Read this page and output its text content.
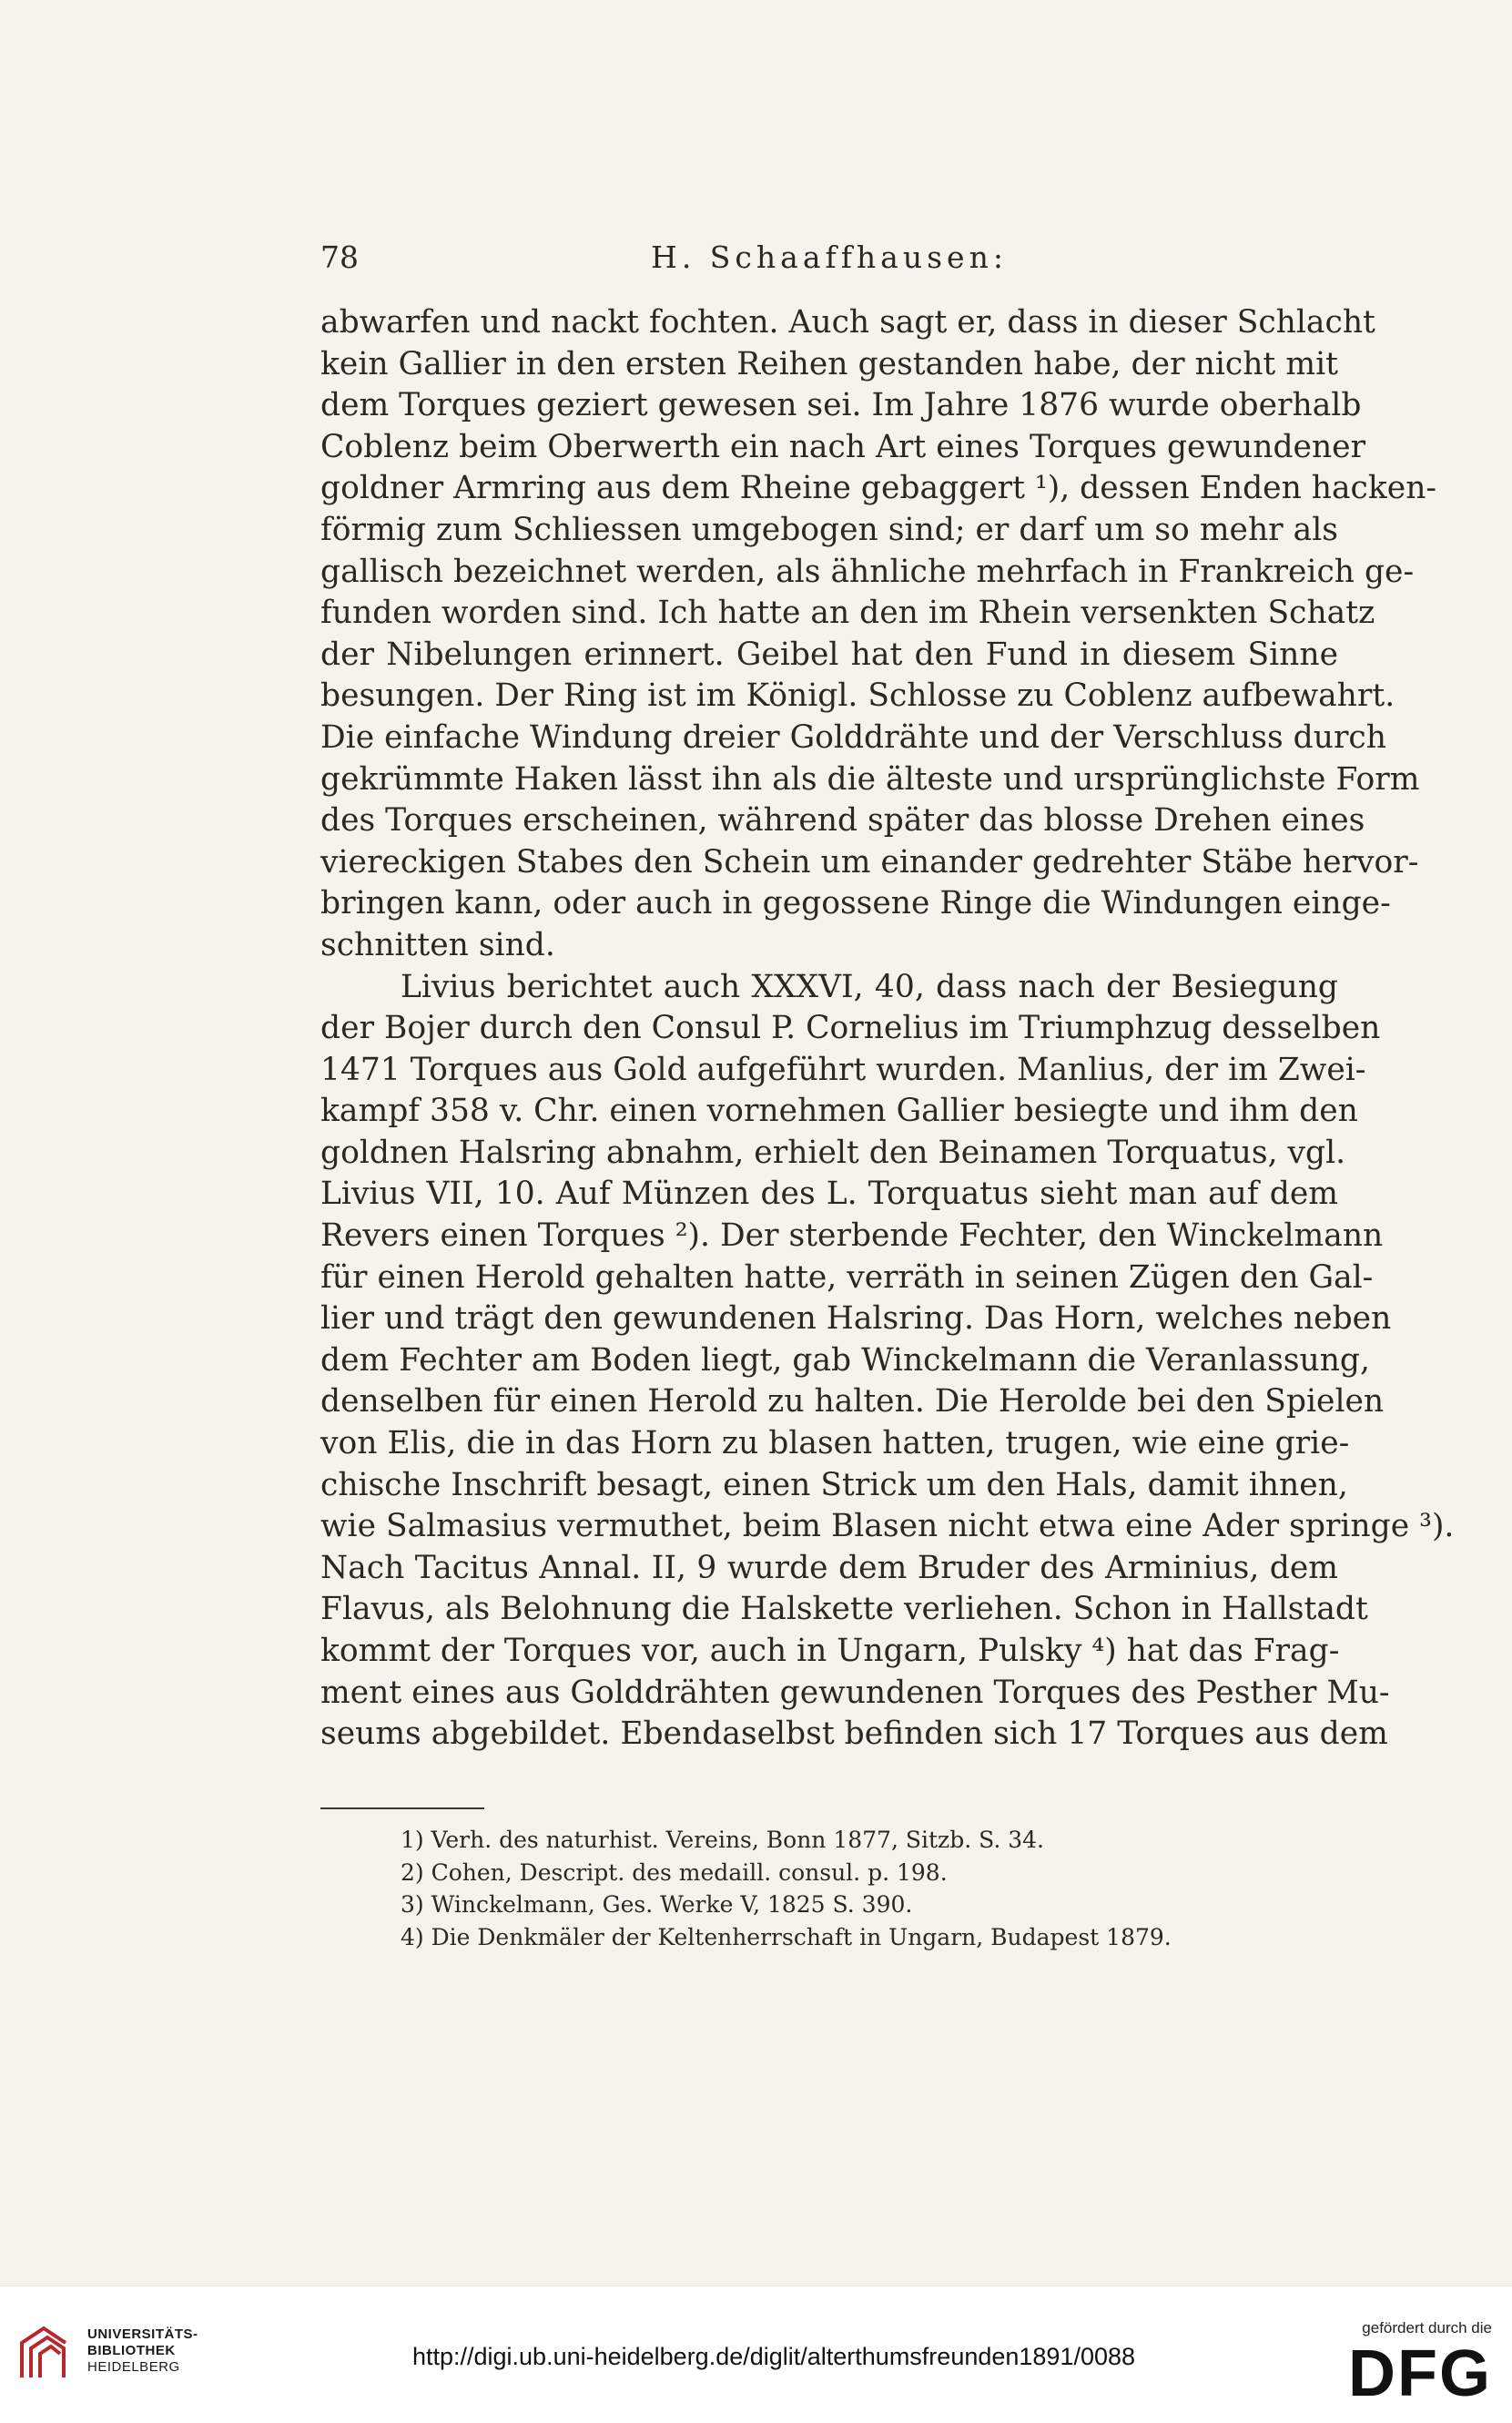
78	H. Schaaffhausen:
abwarfen und nackt fochten. Auch sagt er, dass in dieser Schlacht
kein Gallier in den ersten Reihen gestanden habe, der nicht mit
dem Torques geziert gewesen sei. Im Jahre 1876 wurde oberhalb
Coblenz beim Oberwerth ein nach Art eines Torques gewundener
goldner Armring aus dem Rheine gebaggert ¹), dessen Enden hacken-
förmig zum Schliessen umgebogen sind; er darf um so mehr als
gallisch bezeichnet werden, als ähnliche mehrfach in Frankreich ge-
funden worden sind. Ich hatte an den im Rhein versenkten Schatz
der Nibelungen erinnert. Geibel hat den Fund in diesem Sinne
besungen. Der Ring ist im Königl. Schlosse zu Coblenz aufbewahrt.
Die einfache Windung dreier Golddrähte und der Verschluss durch
gekrümmte Haken lässt ihn als die älteste und ursprünglichste Form
des Torques erscheinen, während später das blosse Drehen eines
viereckigen Stabes den Schein um einander gedrehter Stäbe hervor-
bringen kann, oder auch in gegossene Ringe die Windungen einge-
schnitten sind.
Livius berichtet auch XXXVI, 40, dass nach der Besiegung
der Bojer durch den Consul P. Cornelius im Triumphzug desselben
1471 Torques aus Gold aufgeführt wurden. Manlius, der im Zwei-
kampf 358 v. Chr. einen vornehmen Gallier besiegte und ihm den
goldnen Halsring abnahm, erhielt den Beinamen Torquatus, vgl.
Livius VII, 10. Auf Münzen des L. Torquatus sieht man auf dem
Revers einen Torques ²). Der sterbende Fechter, den Winckelmann
für einen Herold gehalten hatte, verräth in seinen Zügen den Gal-
lier und trägt den gewundenen Halsring. Das Horn, welches neben
dem Fechter am Boden liegt, gab Winckelmann die Veranlassung,
denselben für einen Herold zu halten. Die Herolde bei den Spielen
von Elis, die in das Horn zu blasen hatten, trugen, wie eine grie-
chische Inschrift besagt, einen Strick um den Hals, damit ihnen,
wie Salmasius vermuthet, beim Blasen nicht etwa eine Ader springe ³).
Nach Tacitus Annal. II, 9 wurde dem Bruder des Arminius, dem
Flavus, als Belohnung die Halskette verliehen. Schon in Hallstadt
kommt der Torques vor, auch in Ungarn, Pulsky ⁴) hat das Frag-
ment eines aus Golddrähten gewundenen Torques des Pesther Mu-
seums abgebildet. Ebendaselbst befinden sich 17 Torques aus dem
1) Verh. des naturhist. Vereins, Bonn 1877, Sitzb. S. 34.
2) Cohen, Descript. des medaill. consul. p. 198.
3) Winckelmann, Ges. Werke V, 1825 S. 390.
4) Die Denkmäler der Keltenherrschaft in Ungarn, Budapest 1879.
UNIVERSITÄTS-
BIBLIOTHEK
HEIDELBERG	http://digi.ub.uni-heidelberg.de/diglit/alterthumsfreunden1891/0088
gefördert durch die
DFG
